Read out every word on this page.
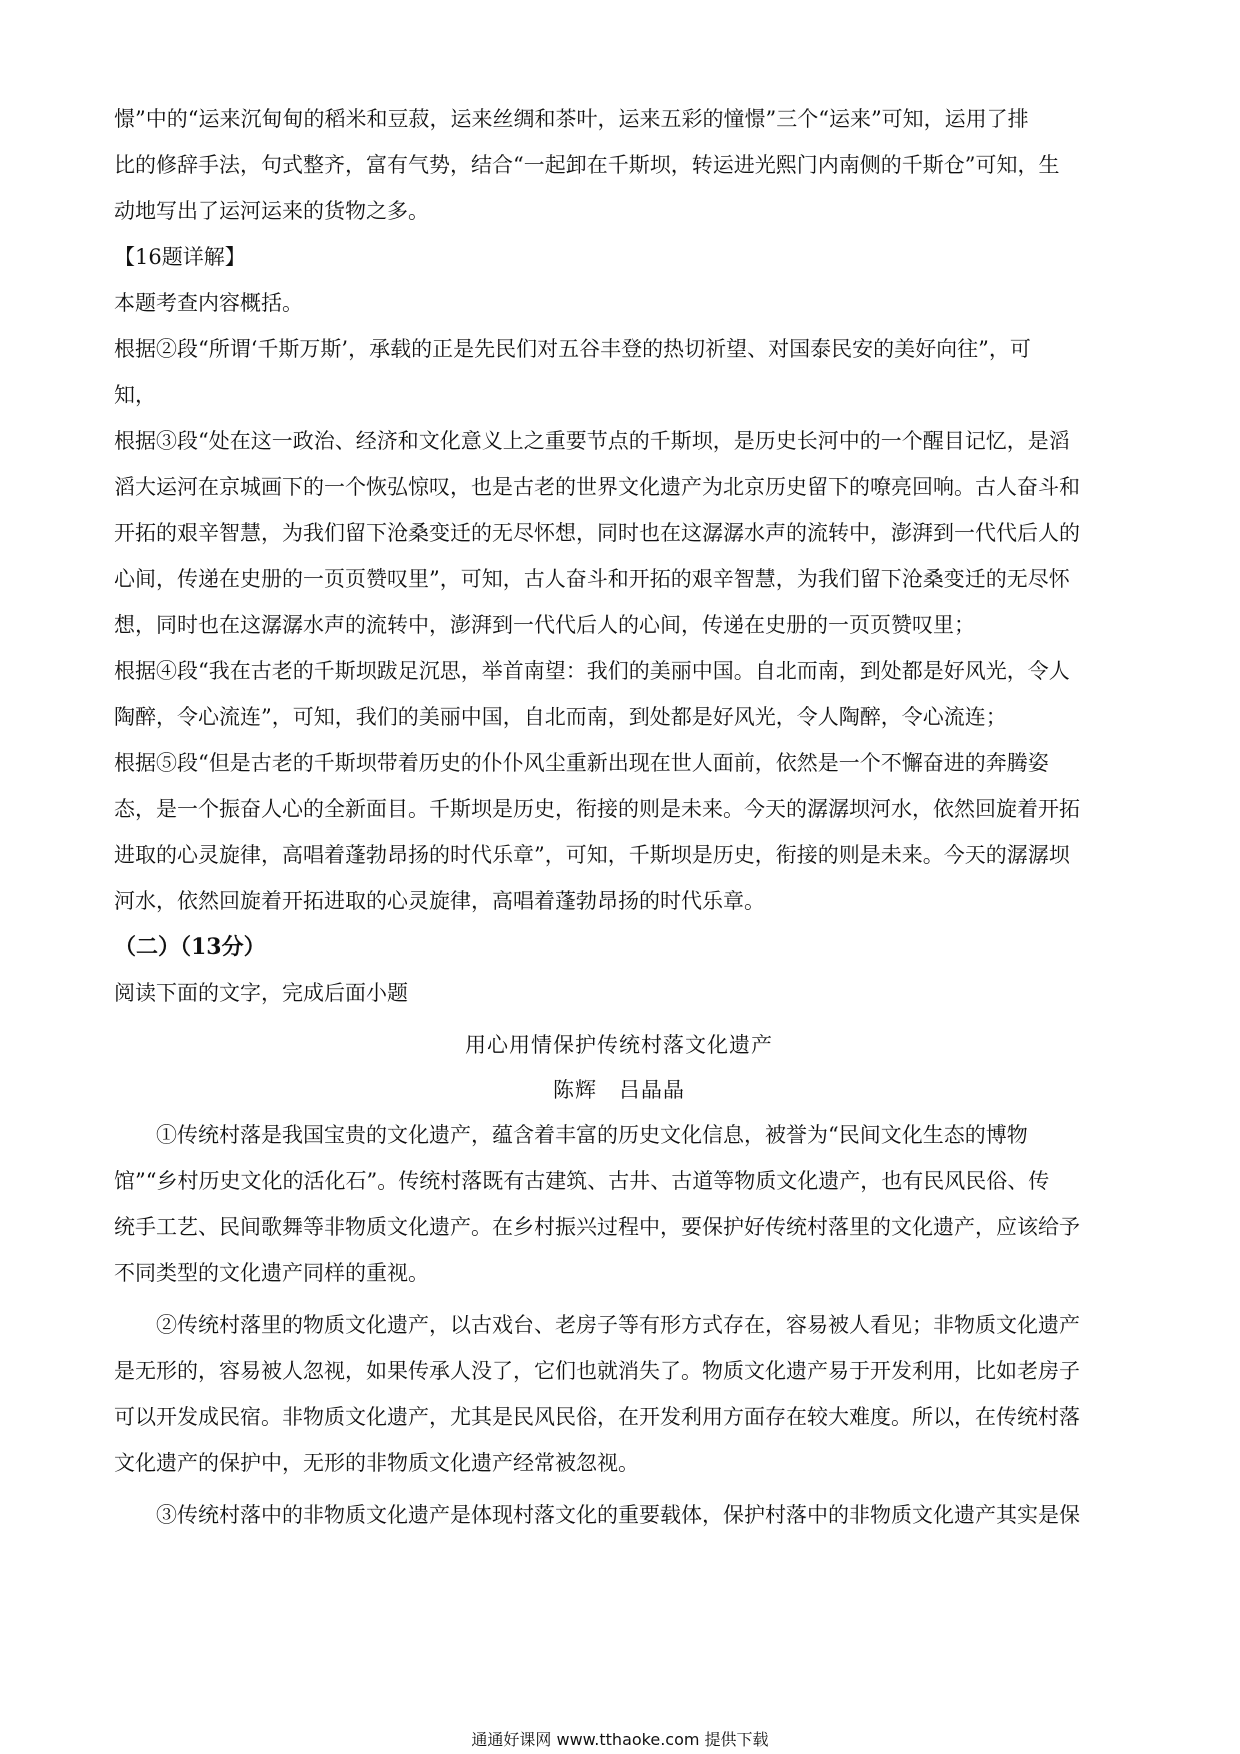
憬”中的“运来沉甸甸的稻米和豆菽，运来丝绸和茶叶，运来五彩的憧憬”三个“运来”可知，运用了排

比的修辞手法，句式整齐，富有气势，结合“一起卸在千斯坝，转运进光熙门内南侧的千斯仓”可知，生

动地写出了运河运来的货物之多。

【16题详解】

本题考查内容概括。

根据②段“所谓‘千斯万斯’，承载的正是先民们对五谷丰登的热切祈望、对国泰民安的美好向往”，可

知，

根据③段“处在这一政治、经济和文化意义上之重要节点的千斯坝，是历史长河中的一个醒目记忆，是滔

滔大运河在京城画下的一个恢弘惊叹，也是古老的世界文化遗产为北京历史留下的嘹亮回响。古人奋斗和

开拓的艰辛智慧，为我们留下沧桑变迁的无尽怀想，同时也在这潺潺水声的流转中，澎湃到一代代后人的

心间，传递在史册的一页页赞叹里”，可知，古人奋斗和开拓的艰辛智慧，为我们留下沧桑变迁的无尽怀

想，同时也在这潺潺水声的流转中，澎湃到一代代后人的心间，传递在史册的一页页赞叹里；

根据④段“我在古老的千斯坝跋足沉思，举首南望：我们的美丽中国。自北而南，到处都是好风光，令人

陶醉，令心流连”，可知，我们的美丽中国，自北而南，到处都是好风光，令人陶醉，令心流连；

根据⑤段“但是古老的千斯坝带着历史的仆仆风尘重新出现在世人面前，依然是一个不懈奋进的奔腾姿

态，是一个振奋人心的全新面目。千斯坝是历史，衔接的则是未来。今天的潺潺坝河水，依然回旋着开拓

进取的心灵旋律，高唱着蓬勃昂扬的时代乐章”，可知，千斯坝是历史，衔接的则是未来。今天的潺潺坝

河水，依然回旋着开拓进取的心灵旋律，高唱着蓬勃昂扬的时代乐章。

（二）（13分）

阅读下面的文字，完成后面小题

用心用情保护传统村落文化遗产

陈辉　吕晶晶

①传统村落是我国宝贵的文化遗产，蕴含着丰富的历史文化信息，被誉为“民间文化生态的博物

馆”“乡村历史文化的活化石”。传统村落既有古建筑、古井、古道等物质文化遗产，也有民风民俗、传

统手工艺、民间歌舞等非物质文化遗产。在乡村振兴过程中，要保护好传统村落里的文化遗产，应该给予

不同类型的文化遗产同样的重视。

②传统村落里的物质文化遗产，以古戏台、老房子等有形方式存在，容易被人看见；非物质文化遗产

是无形的，容易被人忽视，如果传承人没了，它们也就消失了。物质文化遗产易于开发利用，比如老房子

可以开发成民宿。非物质文化遗产，尤其是民风民俗，在开发利用方面存在较大难度。所以，在传统村落

文化遗产的保护中，无形的非物质文化遗产经常被忽视。

③传统村落中的非物质文化遗产是体现村落文化的重要载体，保护村落中的非物质文化遗产其实是保

通通好课网 www.tthaoke.com 提供下载
